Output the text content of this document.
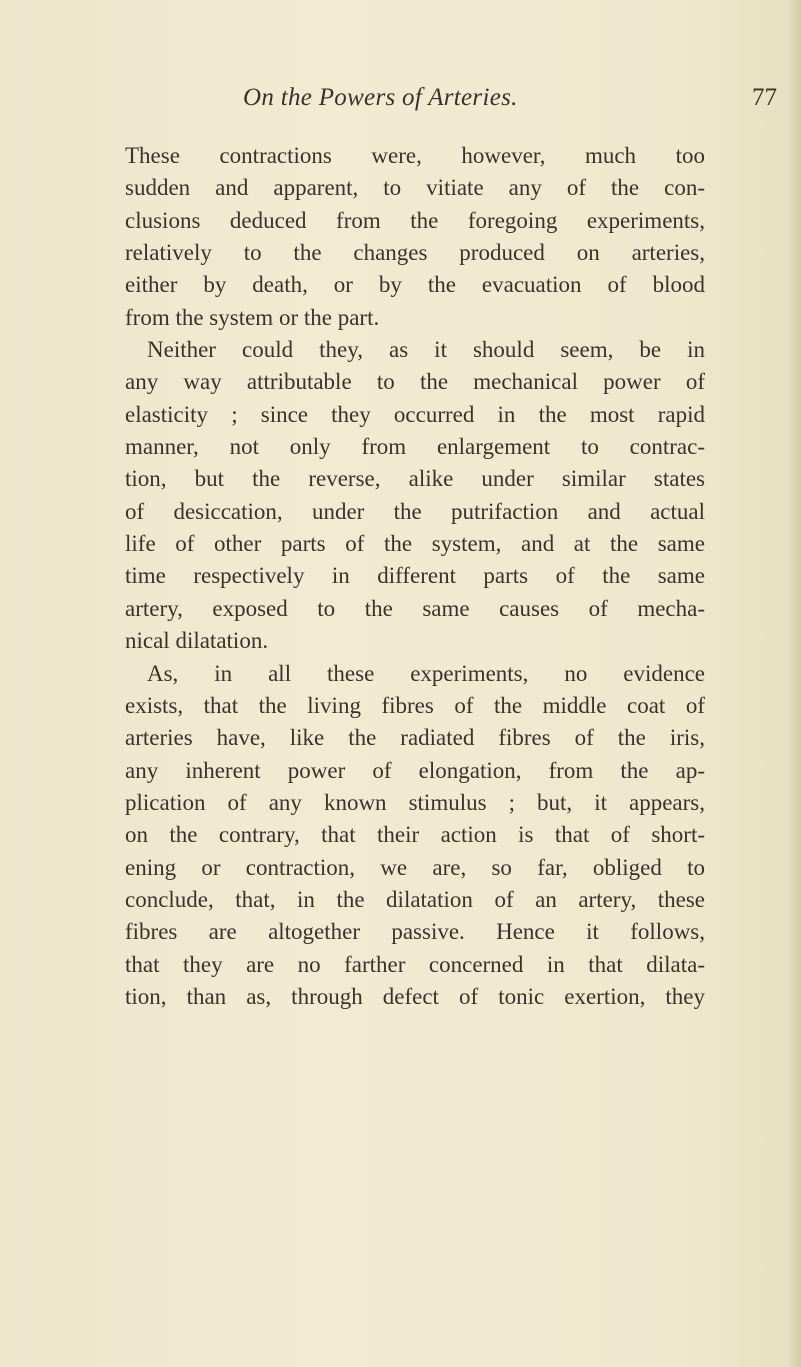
On the Powers of Arteries.	77
These contractions were, however, much too
sudden and apparent, to vitiate any of the con-
clusions deduced from the foregoing experiments,
relatively to the changes produced on arteries,
either by death, or by the evacuation of blood
from the system or the part.
Neither could they, as it should seem, be in
any way attributable to the mechanical power of
elasticity ; since they occurred in the most rapid
manner, not only from enlargement to contrac-
tion, but the reverse, alike under similar states
of desiccation, under the putrifaction and actual
life of other parts of the system, and at the same
time respectively in different parts of the same
artery, exposed to the same causes of mecha-
nical dilatation.
As, in all these experiments, no evidence
exists, that the living fibres of the middle coat of
arteries have, like the radiated fibres of the iris,
any inherent power of elongation, from the ap-
plication of any known stimulus ; but, it appears,
on the contrary, that their action is that of short-
ening or contraction, we are, so far, obliged to
conclude, that, in the dilatation of an artery, these
fibres are altogether passive. Hence it follows,
that they are no farther concerned in that dilata-
tion, than as, through defect of tonic exertion, they
